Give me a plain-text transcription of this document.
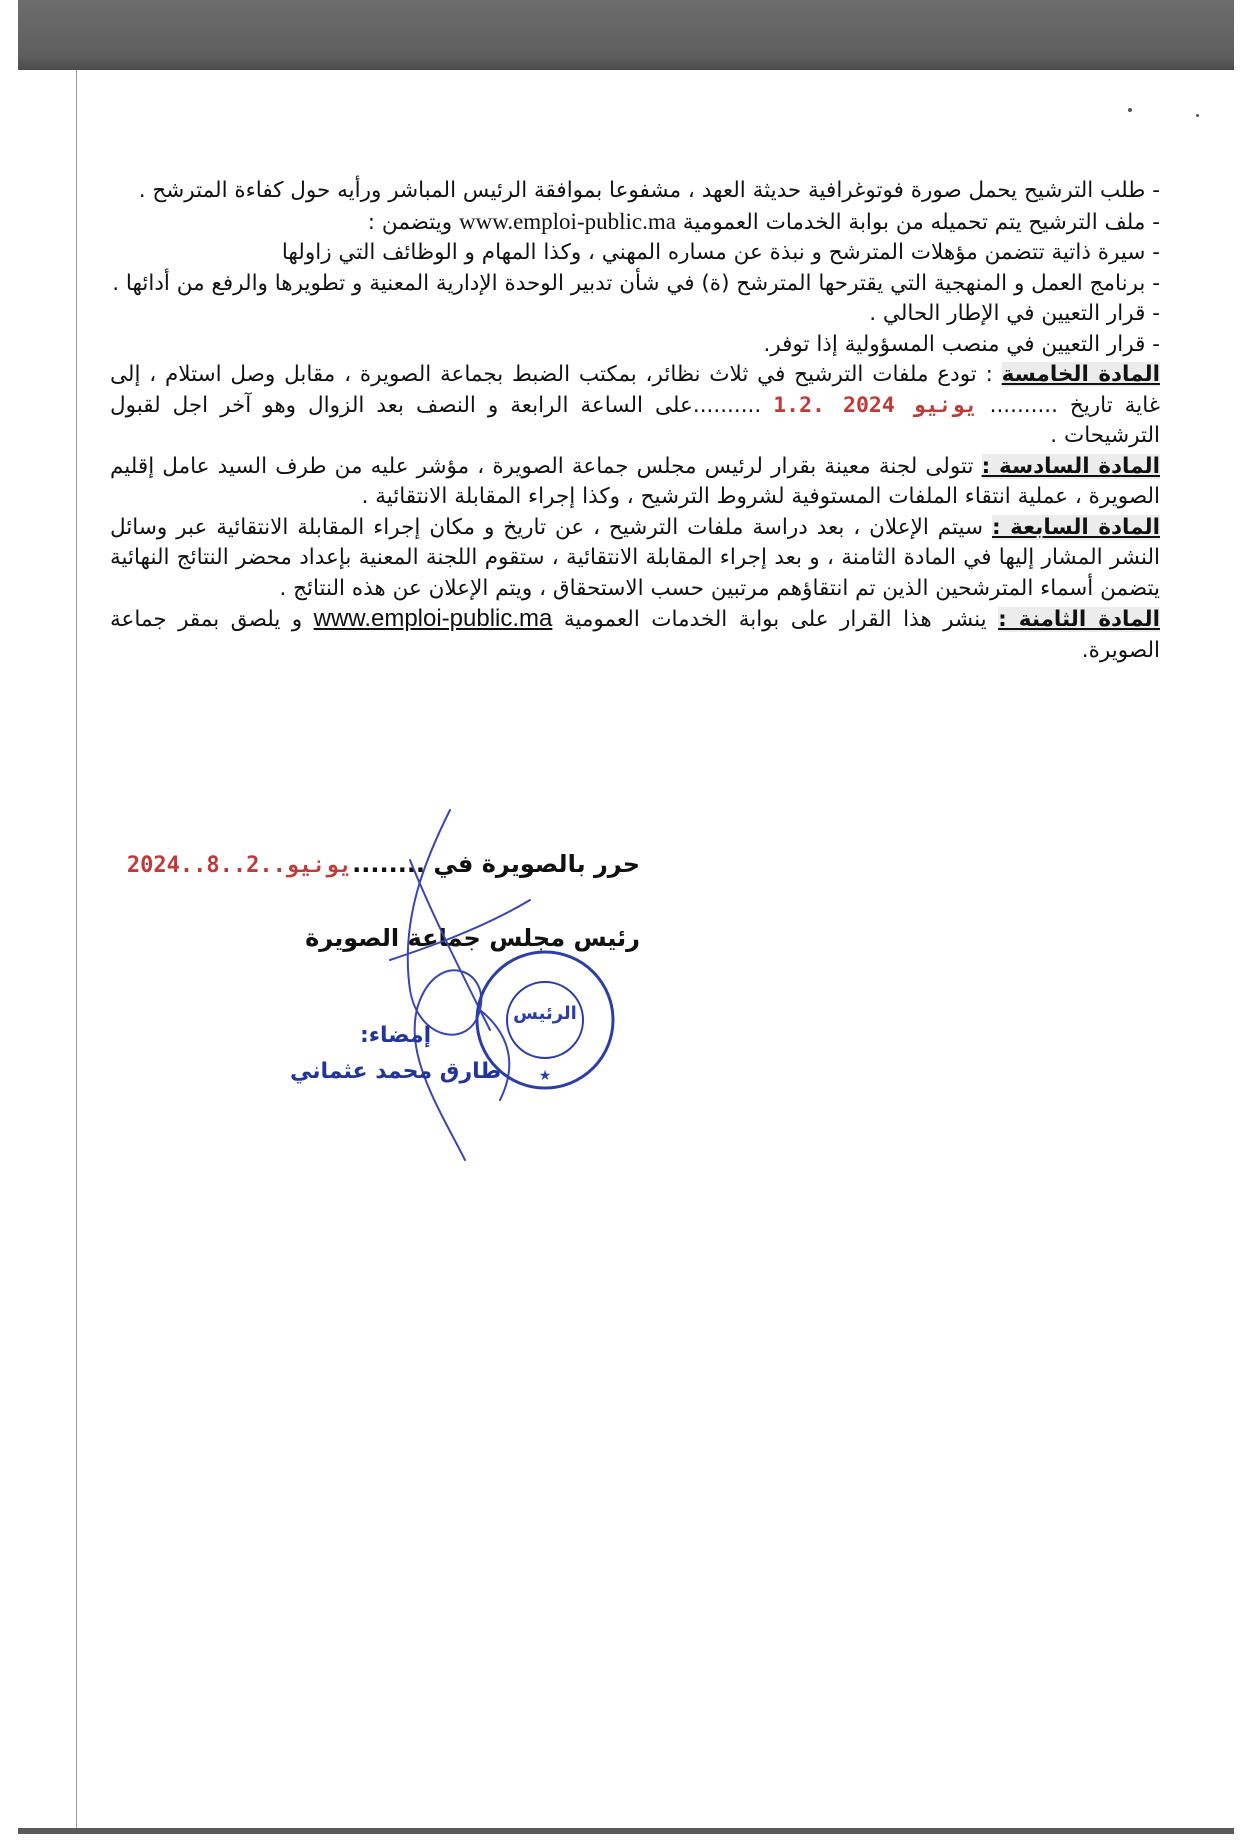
- طلب الترشيح يحمل صورة فوتوغرافية حديثة العهد ، مشفوعا بموافقة الرئيس المباشر ورأيه حول كفاءة المترشح .

- ملف الترشيح يتم تحميله من بوابة الخدمات العمومية www.emploi-public.ma ويتضمن :

- سيرة ذاتية تتضمن مؤهلات المترشح و نبذة عن مساره المهني ، وكذا المهام و الوظائف التي زاولها

- برنامج العمل و المنهجية التي يقترحها المترشح (ة) في شأن تدبير الوحدة الإدارية المعنية و تطويرها والرفع من أدائها .

- قرار التعيين في الإطار الحالي .

- قرار التعيين في منصب المسؤولية إذا توفر.

المادة الخامسة : تودع ملفات الترشيح في ثلاث نظائر، بمكتب الضبط بجماعة الصويرة ، مقابل وصل استلام ، إلى غاية تاريخ .......... 1.2. يونيو 2024 ..........على الساعة الرابعة و النصف بعد الزوال وهو آخر اجل لقبول الترشيحات .

المادة السادسة : تتولى لجنة معينة بقرار لرئيس مجلس جماعة الصويرة ، مؤشر عليه من طرف السيد عامل إقليم الصويرة ، عملية انتقاء الملفات المستوفية لشروط الترشيح ، وكذا إجراء المقابلة الانتقائية .

المادة السابعة : سيتم الإعلان ، بعد دراسة ملفات الترشيح ، عن تاريخ و مكان إجراء المقابلة الانتقائية عبر وسائل النشر المشار إليها في المادة الثامنة ، و بعد إجراء المقابلة الانتقائية ، ستقوم اللجنة المعنية بإعداد محضر النتائج النهائية يتضمن أسماء المترشحين الذين تم انتقاؤهم مرتبين حسب الاستحقاق ، ويتم الإعلان عن هذه النتائج .

المادة الثامنة : ينشر هذا القرار على بوابة الخدمات العمومية www.emploi-public.ma و يلصق بمقر جماعة الصويرة.

حرر بالصويرة في ........2024..يونيو..2..8

رئيس مجلس جماعة الصويرة

إمضاء:
طارق محمد عثماني	★
الرئيس
